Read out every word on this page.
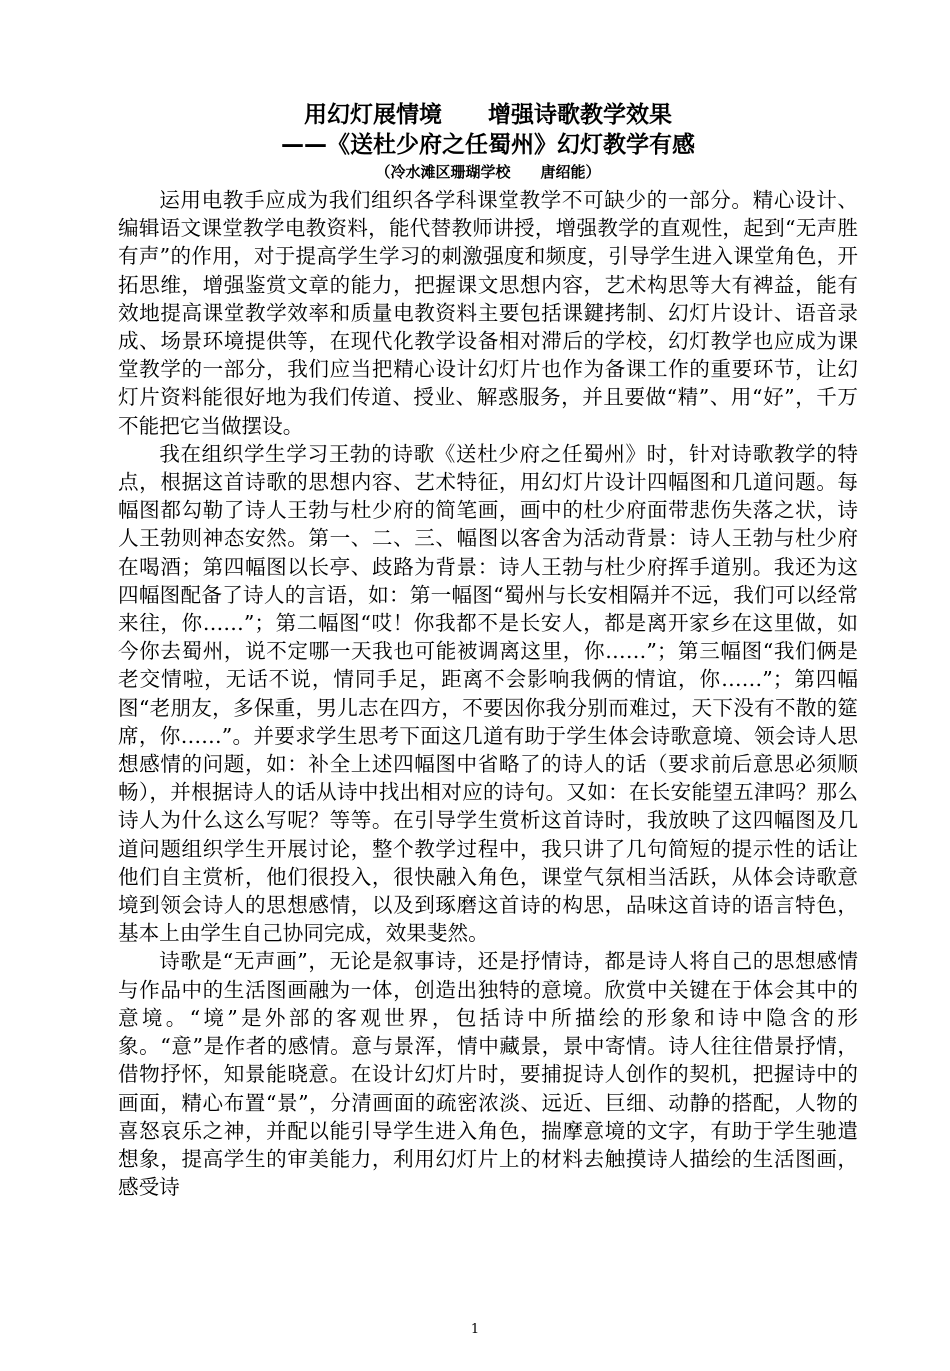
用幻灯展情境　　增强诗歌教学效果
——《送杜少府之任蜀州》幻灯教学有感

（冷水滩区珊瑚学校　　唐绍能）

运用电教手应成为我们组织各学科课堂教学不可缺少的一部分。精心设计、编辑语文课堂教学电教资料，能代替教师讲授，增强教学的直观性，起到“无声胜有声”的作用，对于提高学生学习的刺激强度和频度，引导学生进入课堂角色，开拓思维，增强鉴赏文章的能力，把握课文思想内容，艺术构思等大有裨益，能有效地提高课堂教学效率和质量电教资料主要包括课鍵拷制、幻灯片设计、语音录成、场景环境提供等，在现代化教学设备相对滞后的学校，幻灯教学也应成为课堂教学的一部分，我们应当把精心设计幻灯片也作为备课工作的重要环节，让幻灯片资料能很好地为我们传道、授业、解惑服务，并且要做“精”、用“好”，千万不能把它当做摆设。

我在组织学生学习王勃的诗歌《送杜少府之任蜀州》时，针对诗歌教学的特点，根据这首诗歌的思想内容、艺术特征，用幻灯片设计四幅图和几道问题。每幅图都勾勒了诗人王勃与杜少府的简笔画，画中的杜少府面带悲伤失落之状，诗人王勃则神态安然。第一、二、三、幅图以客舍为活动背景：诗人王勃与杜少府在喝酒；第四幅图以长亭、歧路为背景：诗人王勃与杜少府挥手道别。我还为这四幅图配备了诗人的言语，如：第一幅图“蜀州与长安相隔并不远，我们可以经常来往，你……”；第二幅图“哎！你我都不是长安人，都是离开家乡在这里做，如今你去蜀州，说不定哪一天我也可能被调离这里，你……”；第三幅图“我们俩是老交情啦，无话不说，情同手足，距离不会影响我俩的情谊，你……”；第四幅图“老朋友，多保重，男儿志在四方，不要因你我分别而难过，天下没有不散的筵席，你……”。并要求学生思考下面这几道有助于学生体会诗歌意境、领会诗人思想感情的问题，如：补全上述四幅图中省略了的诗人的话（要求前后意思必须顺畅），并根据诗人的话从诗中找出相对应的诗句。又如：在长安能望五津吗？那么诗人为什么这么写呢？等等。在引导学生赏析这首诗时，我放映了这四幅图及几道问题组织学生开展讨论，整个教学过程中，我只讲了几句简短的提示性的话让他们自主赏析，他们很投入，很快融入角色，课堂气氛相当活跃，从体会诗歌意境到领会诗人的思想感情，以及到琢磨这首诗的构思，品味这首诗的语言特色，基本上由学生自己协同完成，效果斐然。

诗歌是“无声画”，无论是叙事诗，还是抒情诗，都是诗人将自己的思想感情与作品中的生活图画融为一体，创造出独特的意境。欣赏中关键在于体会其中的意境。“境”是外部的客观世界，包括诗中所描绘的形象和诗中隐含的形象。“意”是作者的感情。意与景浑，情中藏景，景中寄情。诗人往往借景抒情，借物抒怀，知景能晓意。在设计幻灯片时，要捕捉诗人创作的契机，把握诗中的画面，精心布置“景”，分清画面的疏密浓淡、远近、巨细、动静的搭配，人物的喜怒哀乐之神，并配以能引导学生进入角色，揣摩意境的文字，有助于学生驰遣想象，提高学生的审美能力，利用幻灯片上的材料去触摸诗人描绘的生活图画，感受诗

1
